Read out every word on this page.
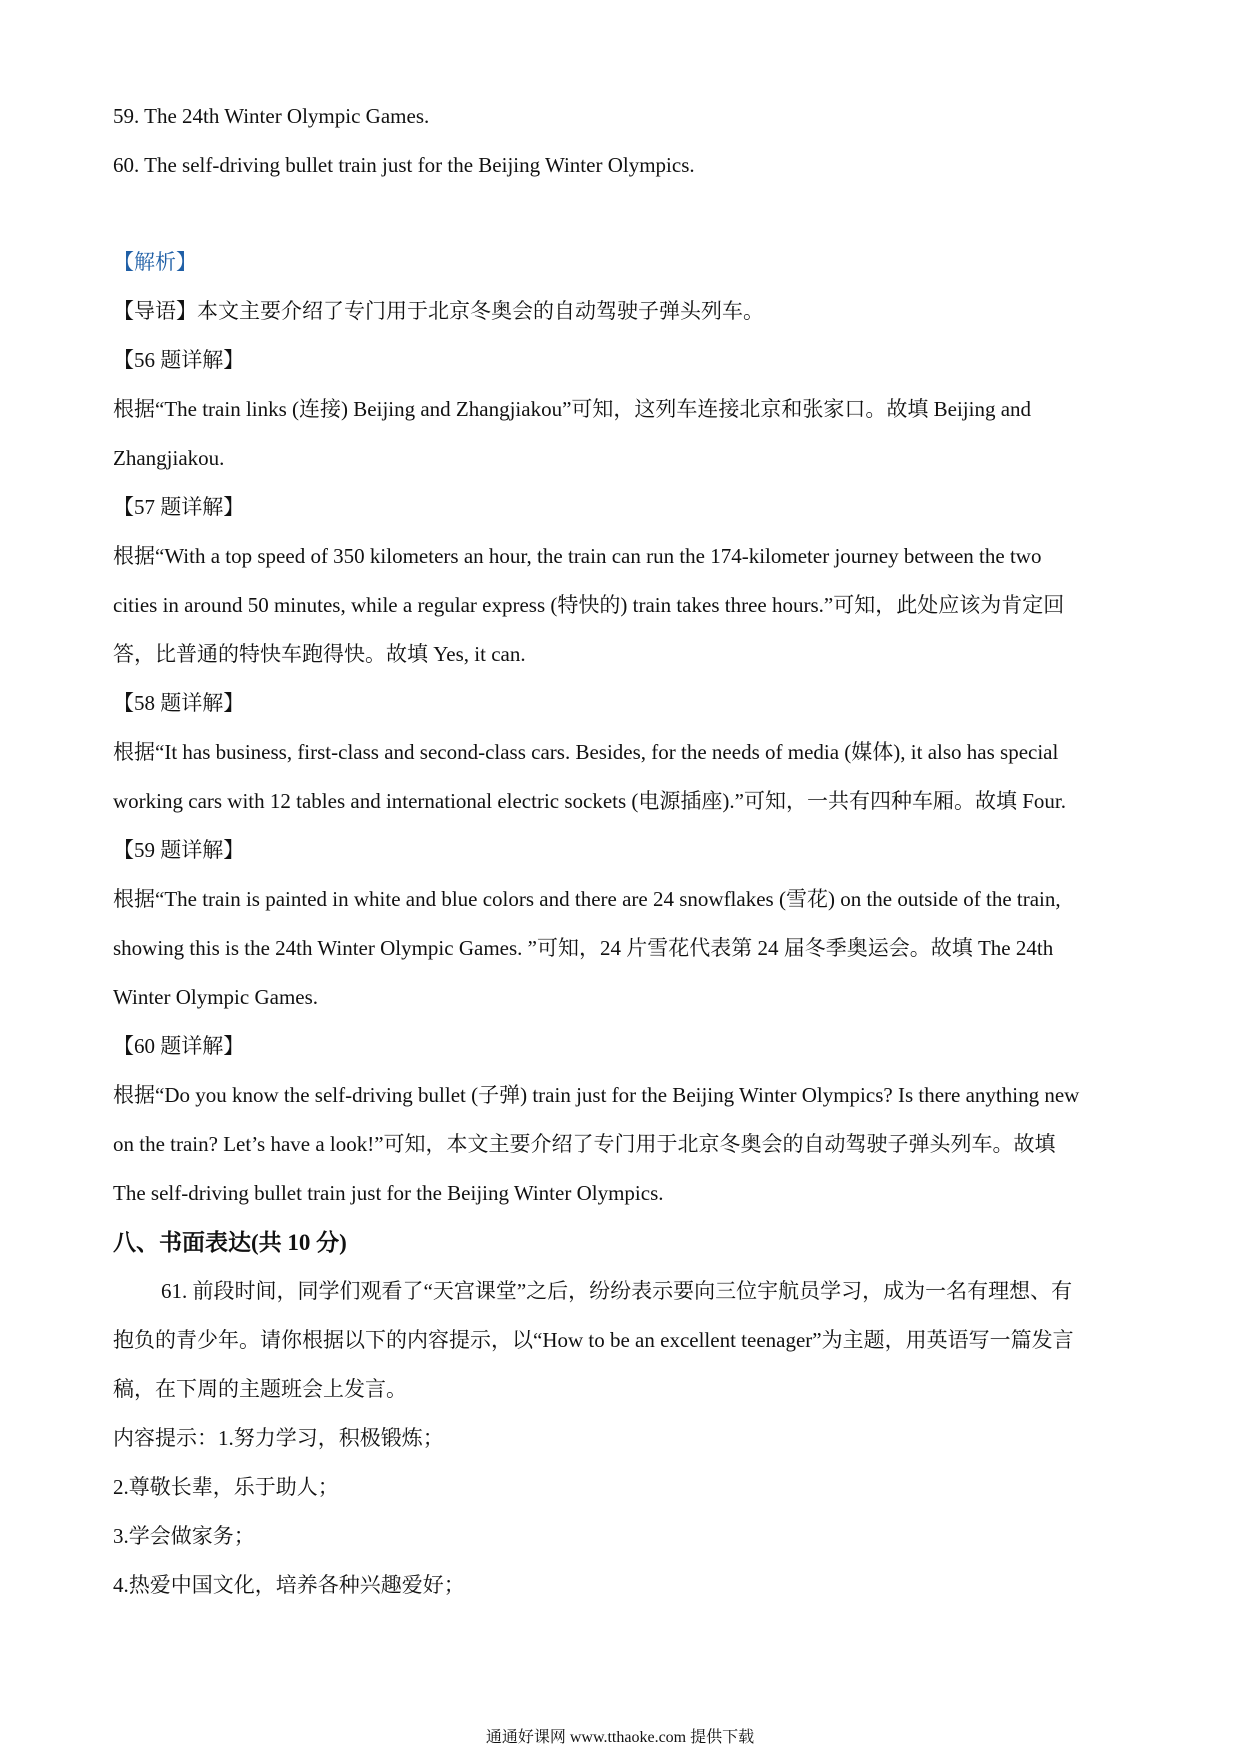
59. The 24th Winter Olympic Games.
60. The self-driving bullet train just for the Beijing Winter Olympics.
【解析】
【导语】本文主要介绍了专门用于北京冬奥会的自动驾驶子弹头列车。
【56 题详解】
根据“The train links (连接) Beijing and Zhangjiakou”可知，这列车连接北京和张家口。故填 Beijing and
Zhangjiakou.
【57 题详解】
根据“With a top speed of 350 kilometers an hour, the train can run the 174-kilometer journey between the two
cities in around 50 minutes, while a regular express (特快的) train takes three hours.”可知，此处应该为肯定回
答，比普通的特快车跑得快。故填 Yes, it can.
【58 题详解】
根据“It has business, first-class and second-class cars. Besides, for the needs of media (媒体), it also has special
working cars with 12 tables and international electric sockets (电源插座).”可知，一共有四种车厢。故填 Four.
【59 题详解】
根据“The train is painted in white and blue colors and there are 24 snowflakes (雪花) on the outside of the train,
showing this is the 24th Winter Olympic Games. ”可知，24 片雪花代表第 24 届冬季奥运会。故填 The 24th
Winter Olympic Games.
【60 题详解】
根据“Do you know the self-driving bullet (子弹) train just for the Beijing Winter Olympics? Is there anything new
on the train? Let’s have a look!”可知，本文主要介绍了专门用于北京冬奥会的自动驾驶子弹头列车。故填
The self-driving bullet train just for the Beijing Winter Olympics.
八、书面表达(共 10 分)
61. 前段时间，同学们观看了“天宫课堂”之后，纷纷表示要向三位宇航员学习，成为一名有理想、有
抱负的青少年。请你根据以下的内容提示，以“How to be an excellent teenager”为主题，用英语写一篇发言
稿，在下周的主题班会上发言。
内容提示：1.努力学习，积极锻炼；
2.尊敬长辈，乐于助人；
3.学会做家务；
4.热爱中国文化，培养各种兴趣爱好；
通通好课网 www.tthaoke.com 提供下载
